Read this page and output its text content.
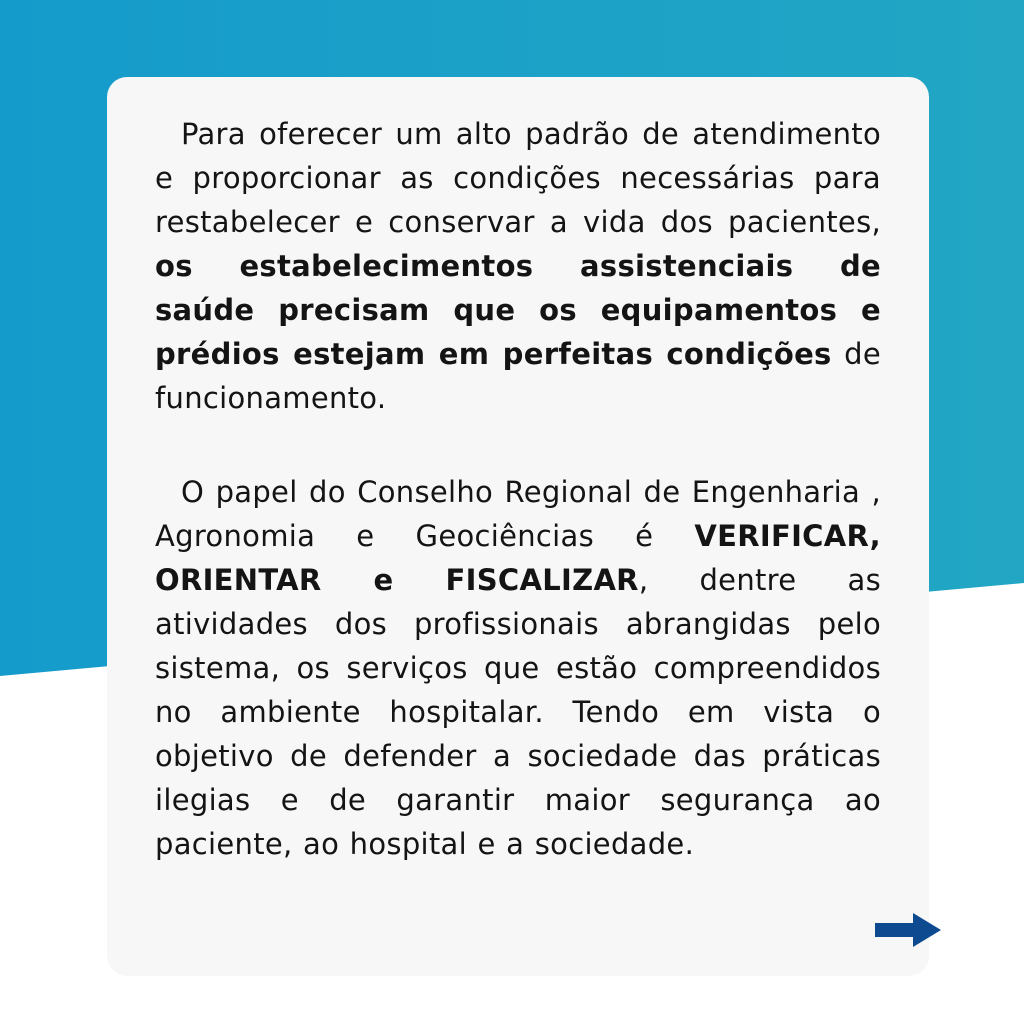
Para oferecer um alto padrão de atendimento e proporcionar as condições necessárias para restabelecer e conservar a vida dos pacientes, os estabelecimentos assistenciais de saúde precisam que os equipamentos e prédios estejam em perfeitas condições de funcionamento.

O papel do Conselho Regional de Engenharia , Agronomia e Geociências é VERIFICAR, ORIENTAR e FISCALIZAR, dentre as atividades dos profissionais abrangidas pelo sistema, os serviços que estão compreendidos no ambiente hospitalar. Tendo em vista o objetivo de defender a sociedade das práticas ilegias e de garantir maior segurança ao paciente, ao hospital e a sociedade.
